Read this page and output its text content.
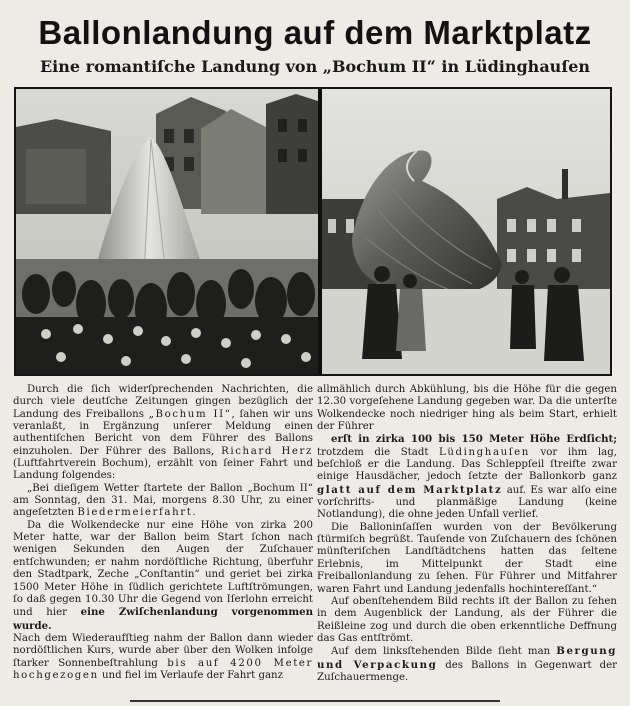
Ballonlandung auf dem Marktplatz
Eine romantiſche Landung von „Bochum II“ in Lüdinghauſen

Durch die ſich widerſprechenden Nachrichten, die durch viele deutſche Zeitungen gingen bezüglich der Landung des Freiballons „Bochum II“, ſahen wir uns veranlaßt, in Ergänzung unſerer Meldung einen authentiſchen Bericht von dem Führer des Ballons einzuholen. Der Führer des Ballons, Richard Herz (Luftfahrtverein Bochum), erzählt von ſeiner Fahrt und Landung folgendes:

„Bei dieſigem Wetter ſtartete der Ballon „Bochum II“ am Sonntag, den 31. Mai, morgens 8.30 Uhr, zu einer angeſetzten Biedermeierfahrt.

Da die Wolkendecke nur eine Höhe von zirka 200 Meter hatte, war der Ballon beim Start ſchon nach wenigen Sekunden den Augen der Zuſchauer entſchwunden; er nahm nordöſtliche Richtung, überfuhr den Stadtpark, Zeche „Conſtantin“ und geriet bei zirka 1500 Meter Höhe in ſüdlich gerichtete Luftſtrömungen, ſo daß gegen 10.30 Uhr die Gegend von Iſerlohn erreicht und hier eine Zwiſchenlandung vorgenommen wurde.

Nach dem Wiederaufſtieg nahm der Ballon dann wieder nordöſtlichen Kurs, wurde aber über den Wolken infolge ſtarker Sonnenbeſtrahlung bis auf 4200 Meter hochgezogen und fiel im Verlaufe der Fahrt ganz

allmählich durch Abkühlung, bis die Höhe für die gegen 12.30 vorgeſehene Landung gegeben war. Da die unterſte Wolkendecke noch niedriger hing als beim Start, erhielt der Führer

erſt in zirka 100 bis 150 Meter Höhe Erdſicht; trotzdem die Stadt Lüdinghauſen vor ihm lag, beſchloß er die Landung. Das Schleppſeil ſtreifte zwar einige Hausdächer, jedoch ſetzte der Ballonkorb ganz glatt auf dem Marktplatz auf. Es war alſo eine vorſchrifts- und planmäßige Landung (keine Notlandung), die ohne jeden Unfall verlief.

Die Balloninſaſſen wurden von der Bevölkerung ſtürmiſch begrüßt. Tauſende von Zuſchauern des ſchönen münſteriſchen Landſtädtchens hatten das ſeltene Erlebnis, im Mittelpunkt der Stadt eine Freiballonlandung zu ſehen. Für Führer und Mitfahrer waren Fahrt und Landung jedenfalls hochintereſſant.“

Auf obenſtehendem Bild rechts iſt der Ballon zu ſehen in dem Augenblick der Landung, als der Führer die Reißleine zog und durch die oben erkenntliche Deffnung das Gas entſtrömt.

Auf dem linksſtehenden Bilde ſieht man Bergung und Verpackung des Ballons in Gegenwart der Zuſchauermenge.
